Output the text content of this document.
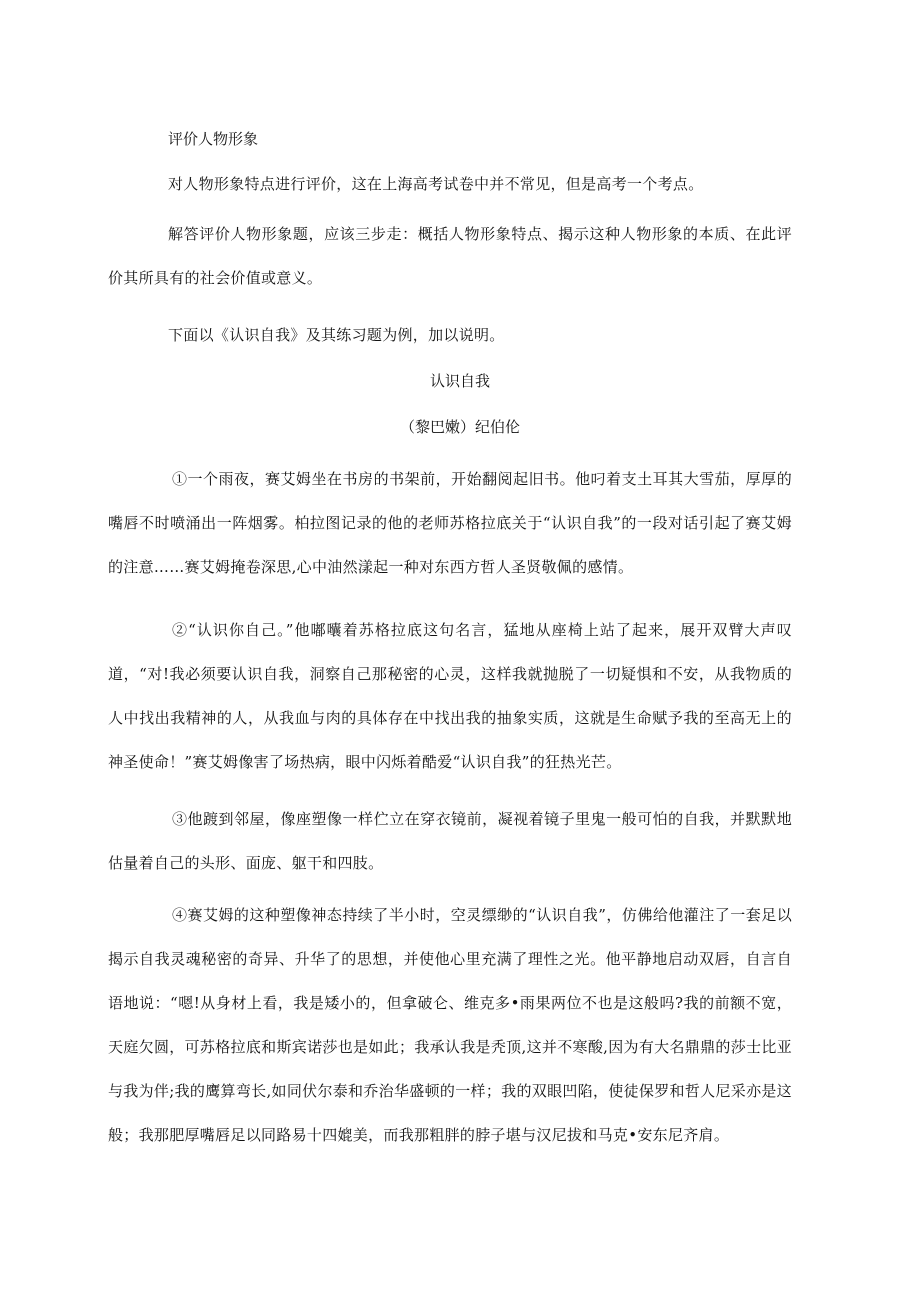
评价人物形象

对人物形象特点进行评价，这在上海高考试卷中并不常见，但是高考一个考点。

解答评价人物形象题，应该三步走：概括人物形象特点、揭示这种人物形象的本质、在此评价其所具有的社会价值或意义。

下面以《认识自我》及其练习题为例，加以说明。

认识自我

（黎巴嫩）纪伯伦

①一个雨夜，赛艾姆坐在书房的书架前，开始翻阅起旧书。他叼着支土耳其大雪茄，厚厚的嘴唇不时喷涌出一阵烟雾。柏拉图记录的他的老师苏格拉底关于“认识自我”的一段对话引起了赛艾姆的注意……赛艾姆掩卷深思,心中油然漾起一种对东西方哲人圣贤敬佩的感情。

②“认识你自己。”他嘟囔着苏格拉底这句名言，猛地从座椅上站了起来，展开双臂大声叹道，“对!我必须要认识自我，洞察自己那秘密的心灵，这样我就抛脱了一切疑惧和不安，从我物质的人中找出我精神的人，从我血与肉的具体存在中找出我的抽象实质，这就是生命赋予我的至高无上的神圣使命！”赛艾姆像害了场热病，眼中闪烁着酷爱“认识自我”的狂热光芒。

③他踱到邻屋，像座塑像一样伫立在穿衣镜前，凝视着镜子里鬼一般可怕的自我，并默默地估量着自己的头形、面庞、躯干和四肢。

④赛艾姆的这种塑像神态持续了半小时，空灵缥缈的“认识自我”，仿佛给他灌注了一套足以揭示自我灵魂秘密的奇异、升华了的思想，并使他心里充满了理性之光。他平静地启动双唇，自言自语地说：“嗯!从身材上看，我是矮小的，但拿破仑、维克多•雨果两位不也是这般吗?我的前额不宽，天庭欠圆，可苏格拉底和斯宾诺莎也是如此；我承认我是秃顶,这并不寒酸,因为有大名鼎鼎的莎士比亚与我为伴;我的鹰算弯长,如同伏尔泰和乔治华盛顿的一样；我的双眼凹陷，使徒保罗和哲人尼采亦是这般；我那肥厚嘴唇足以同路易十四媲美，而我那粗胖的脖子堪与汉尼拔和马克•安东尼齐肩。
